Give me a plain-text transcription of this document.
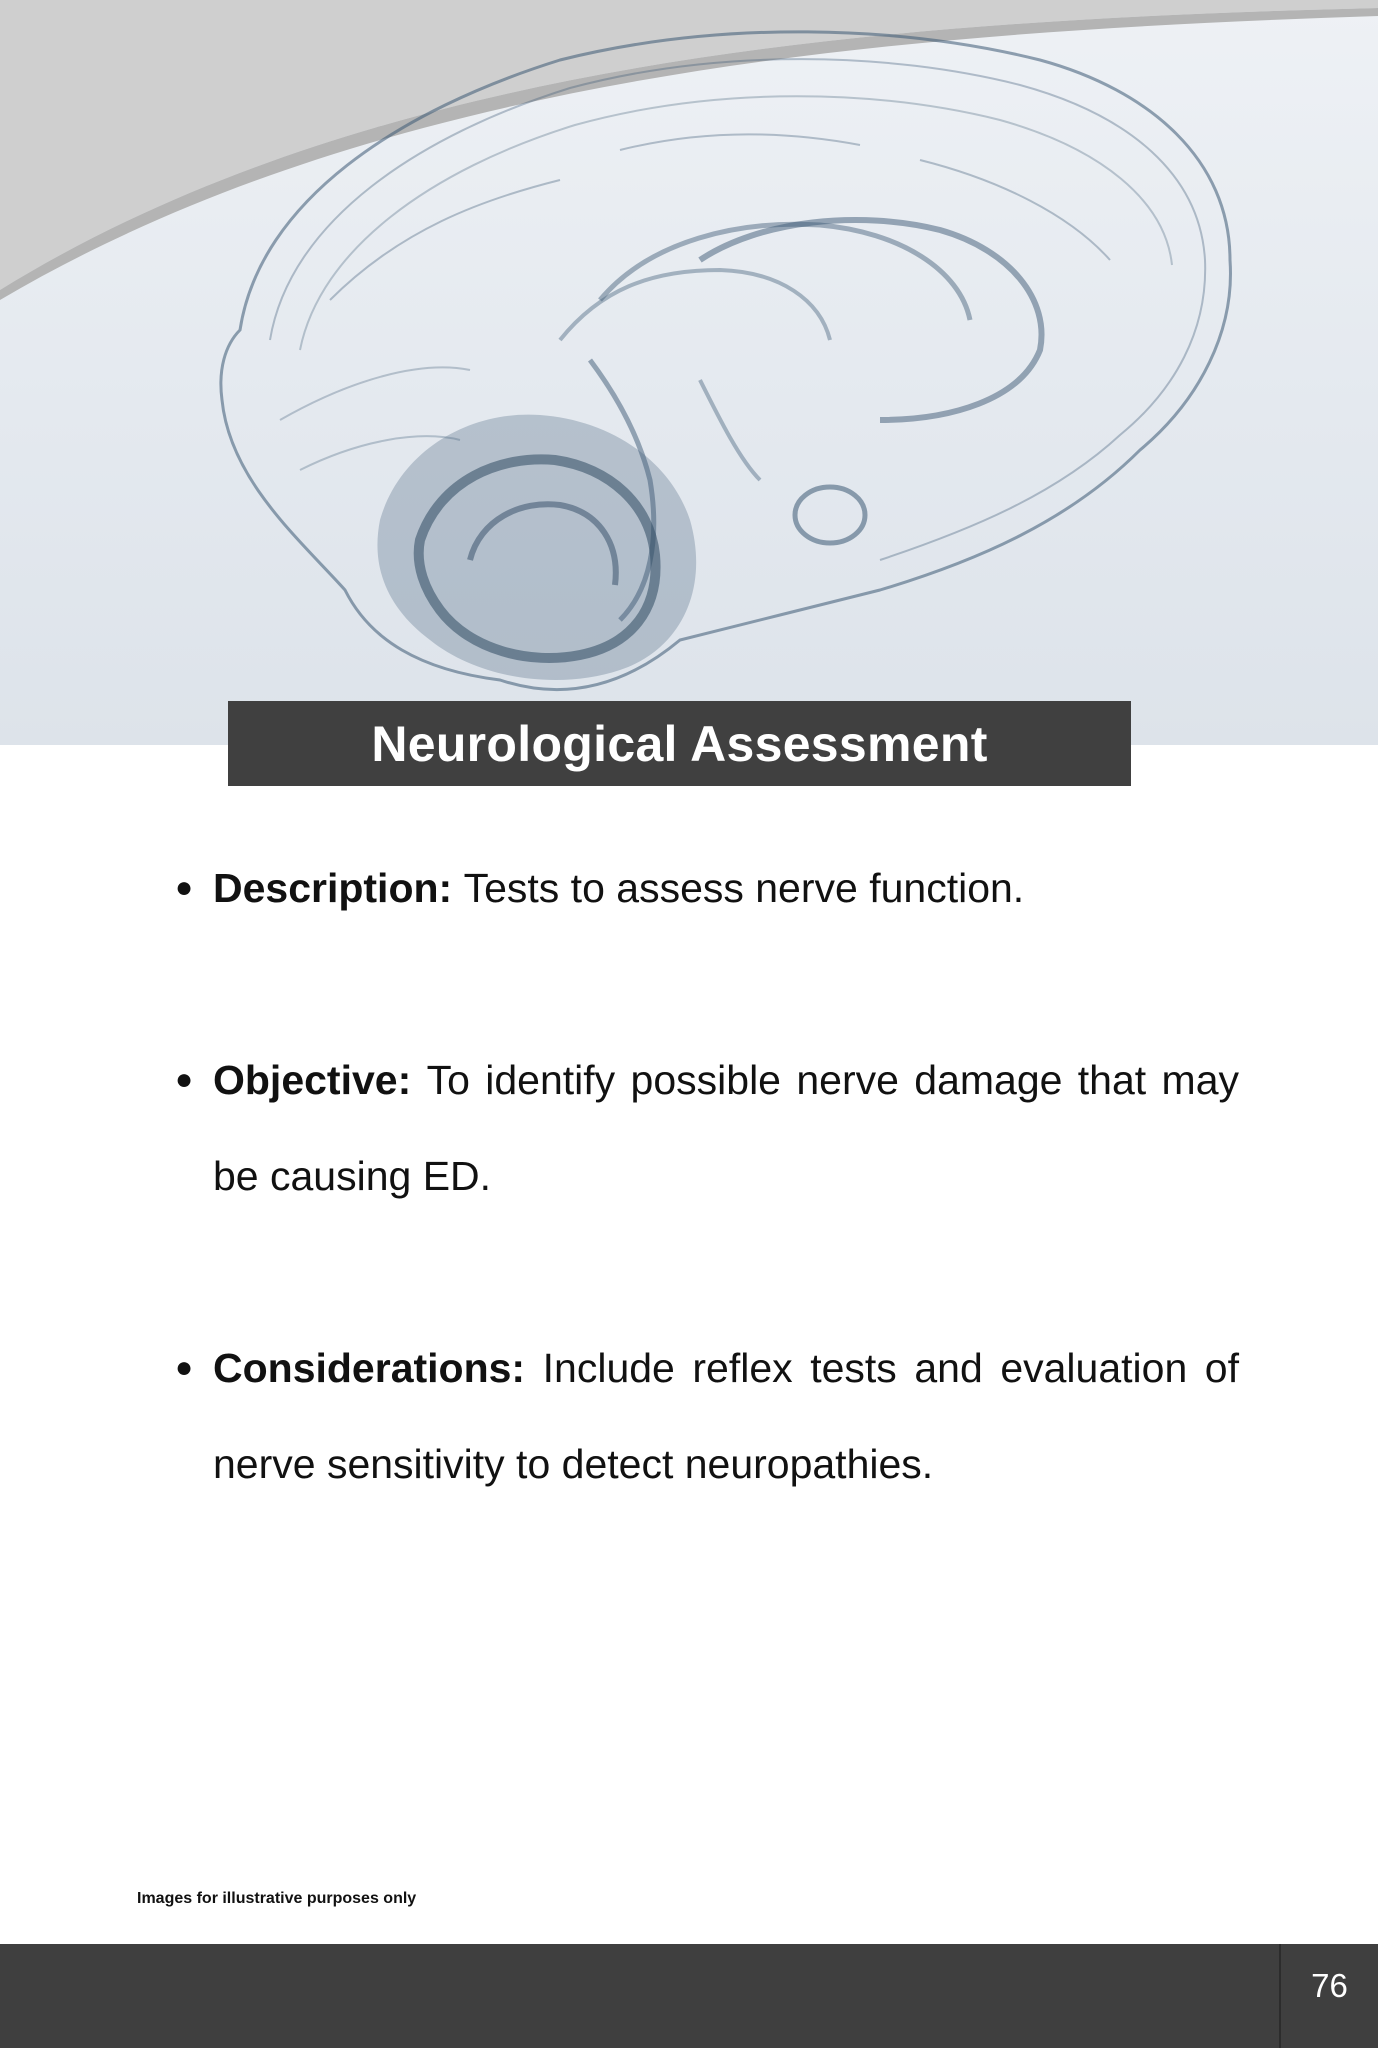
Neurological Assessment
● Description: Tests to assess nerve function.
● Objective: To identify possible nerve damage that may be causing ED.
● Considerations: Include reflex tests and evaluation of nerve sensitivity to detect neuropathies.
Images for illustrative purposes only
76
